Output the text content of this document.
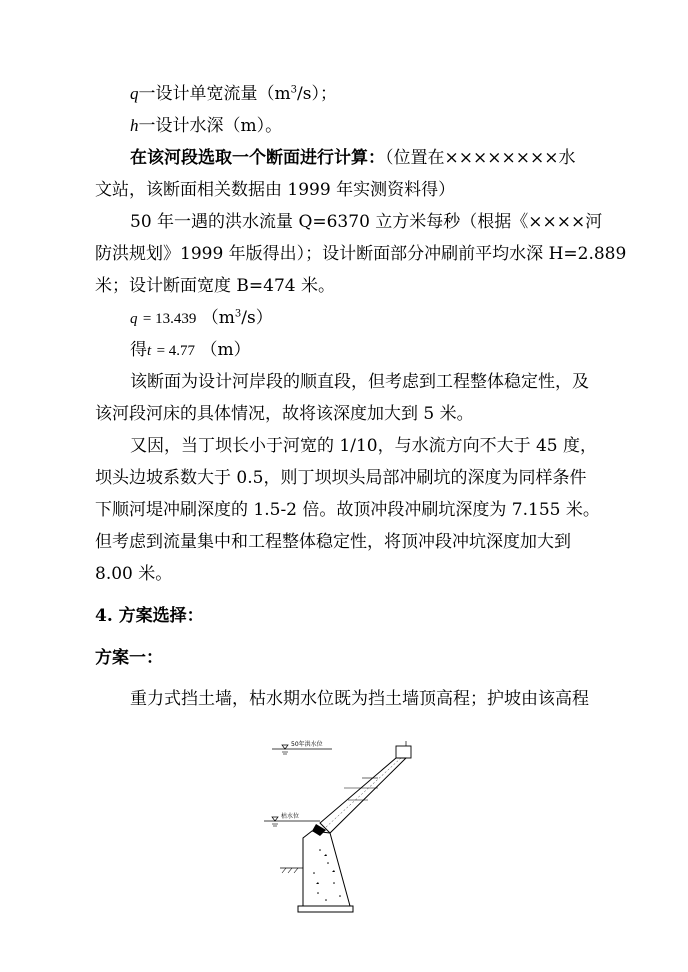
q一设计单宽流量$(m^3/s)$；
h一设计水深（m）。
在该河段选取一个断面进行计算：（位置在××××××××水
文站，该断面相关数据由 1999 年实测资料得）
50 年一遇的洪水流量 Q=6370 立方米每秒（根据《××××河
防洪规划》1999 年版得出）；设计断面部分冲刷前平均水深 H=2.889
米；设计断面宽度 B=474 米。
q = 13.439 $(m^3/s)$
得t = 4.77 （m）
该断面为设计河岸段的顺直段，但考虑到工程整体稳定性，及
该河段河床的具体情况，故将该深度加大到 5 米。
又因，当丁坝长小于河宽的 1/10，与水流方向不大于 45 度，
坝头边坡系数大于 0.5，则丁坝坝头局部冲刷坑的深度为同样条件
下顺河堤冲刷深度的 1.5-2 倍。故顶冲段冲刷坑深度为 7.155 米。
但考虑到流量集中和工程整体稳定性，将顶冲段冲坑深度加大到
8.00 米。
4. 方案选择：
方案一：
重力式挡土墙，枯水期水位既为挡土墙顶高程；护坡由该高程
50年洪水位
枯水位
